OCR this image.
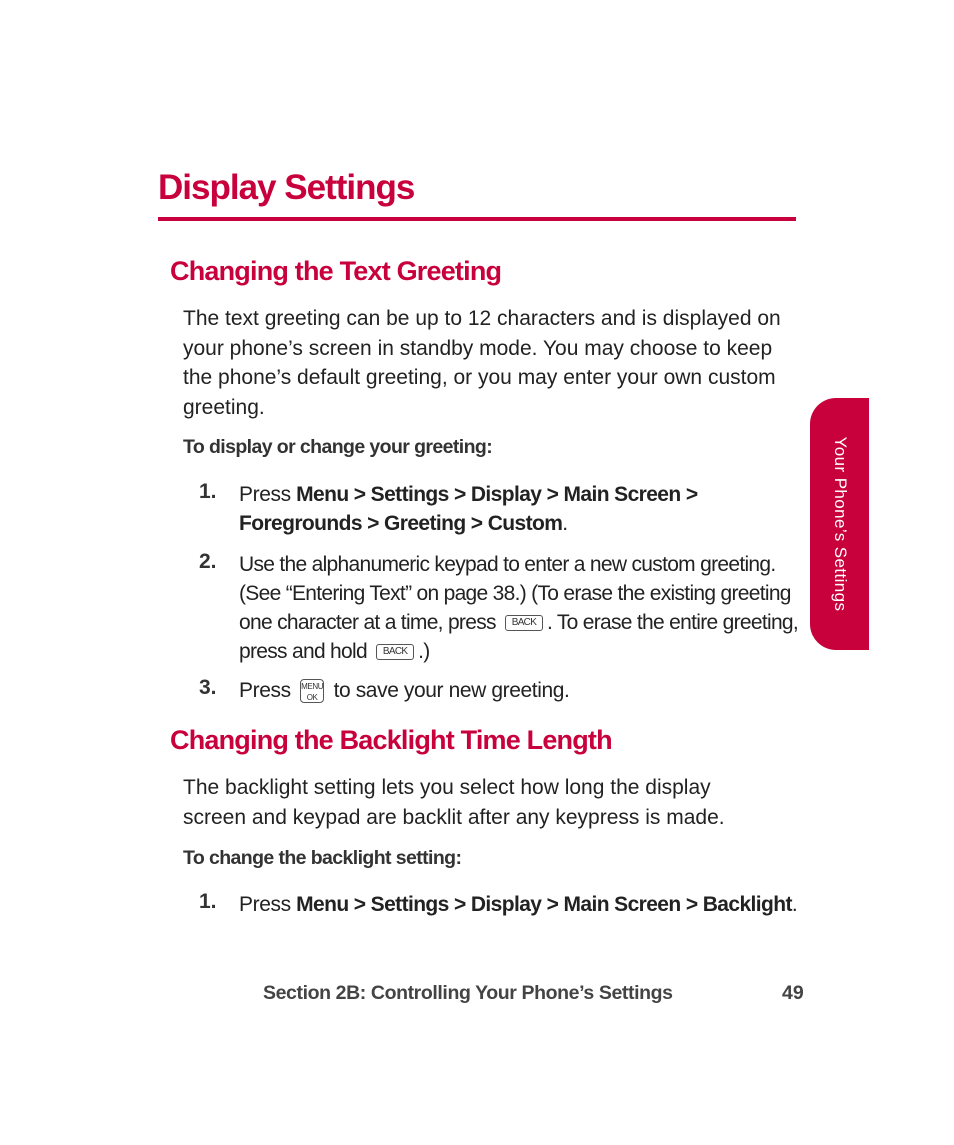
Display Settings
Changing the Text Greeting

The text greeting can be up to 12 characters and is displayed on your phone’s screen in standby mode. You may choose to keep the phone’s default greeting, or you may enter your own custom greeting.

To display or change your greeting:

1.	Press Menu > Settings > Display > Main Screen > Foregrounds > Greeting > Custom.

2.	Use the alphanumeric keypad to enter a new custom greeting. (See “Entering Text” on page 38.) (To erase the existing greeting one character at a time, press BACK . To erase the entire greeting, press and hold BACK .)

3.	Press MENU
OK to save your new greeting.

Changing the Backlight Time Length

The backlight setting lets you select how long the display screen and keypad are backlit after any keypress is made.

To change the backlight setting:

1.	Press Menu > Settings > Display > Main Screen > Backlight.

Your Phone’s Settings

Section 2B: Controlling Your Phone’s Settings	49
